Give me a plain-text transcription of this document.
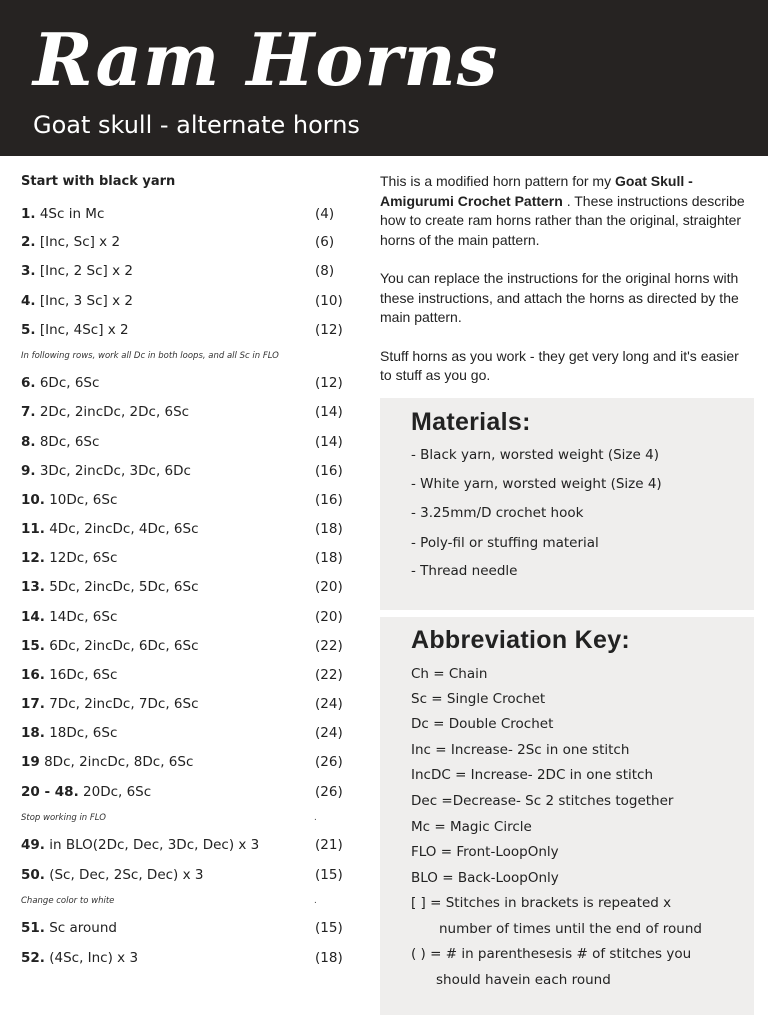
Ram Horns
Goat skull - alternate horns
Start with black yarn
1. 4Sc in Mc	(4)
2. [Inc, Sc] x 2	(6)
3. [Inc, 2 Sc] x 2	(8)
4. [Inc, 3 Sc] x 2	(10)
5. [Inc, 4Sc] x 2	(12)
In following rows, work all Dc in both loops, and all Sc in FLO
6. 6Dc, 6Sc	(12)
7. 2Dc, 2incDc, 2Dc, 6Sc	(14)
8. 8Dc, 6Sc	(14)
9. 3Dc, 2incDc, 3Dc, 6Dc	(16)
10. 10Dc, 6Sc	(16)
11. 4Dc, 2incDc, 4Dc, 6Sc	(18)
12. 12Dc, 6Sc	(18)
13. 5Dc, 2incDc, 5Dc, 6Sc	(20)
14. 14Dc, 6Sc	(20)
15. 6Dc, 2incDc, 6Dc, 6Sc	(22)
16. 16Dc, 6Sc	(22)
17. 7Dc, 2incDc, 7Dc, 6Sc	(24)
18. 18Dc, 6Sc	(24)
19 8Dc, 2incDc, 8Dc, 6Sc	(26)
20 - 48. 20Dc, 6Sc	(26)
Stop working in FLO	.
49. in BLO(2Dc, Dec, 3Dc, Dec) x 3	(21)
50. (Sc, Dec, 2Sc, Dec) x 3	(15)
Change color to white	.
51. Sc around	(15)
52. (4Sc, Inc) x 3	(18)

This is a modified horn pattern for my Goat Skull - Amigurumi Crochet Pattern . These instructions describe how to create ram horns rather than the original, straighter horns of the main pattern.

You can replace the instructions for the original horns with these instructions, and attach the horns as directed by the main pattern.

Stuff horns as you work - they get very long and it's easier to stuff as you go.

Materials:
- Black yarn, worsted weight (Size 4)
- White yarn, worsted weight (Size 4)
- 3.25mm/D crochet hook
- Poly-fil or stuffing material
- Thread needle
Abbreviation Key:
Ch = Chain
Sc = Single Crochet
Dc = Double Crochet
Inc = Increase- 2Sc in one stitch
IncDC = Increase- 2DC in one stitch
Dec =Decrease- Sc 2 stitches together
Mc = Magic Circle
FLO = Front-LoopOnly
BLO = Back-LoopOnly
[ ] = Stitches in brackets is repeated x
number of times until the end of round
( ) = # in parenthesesis # of stitches you
should havein each round
